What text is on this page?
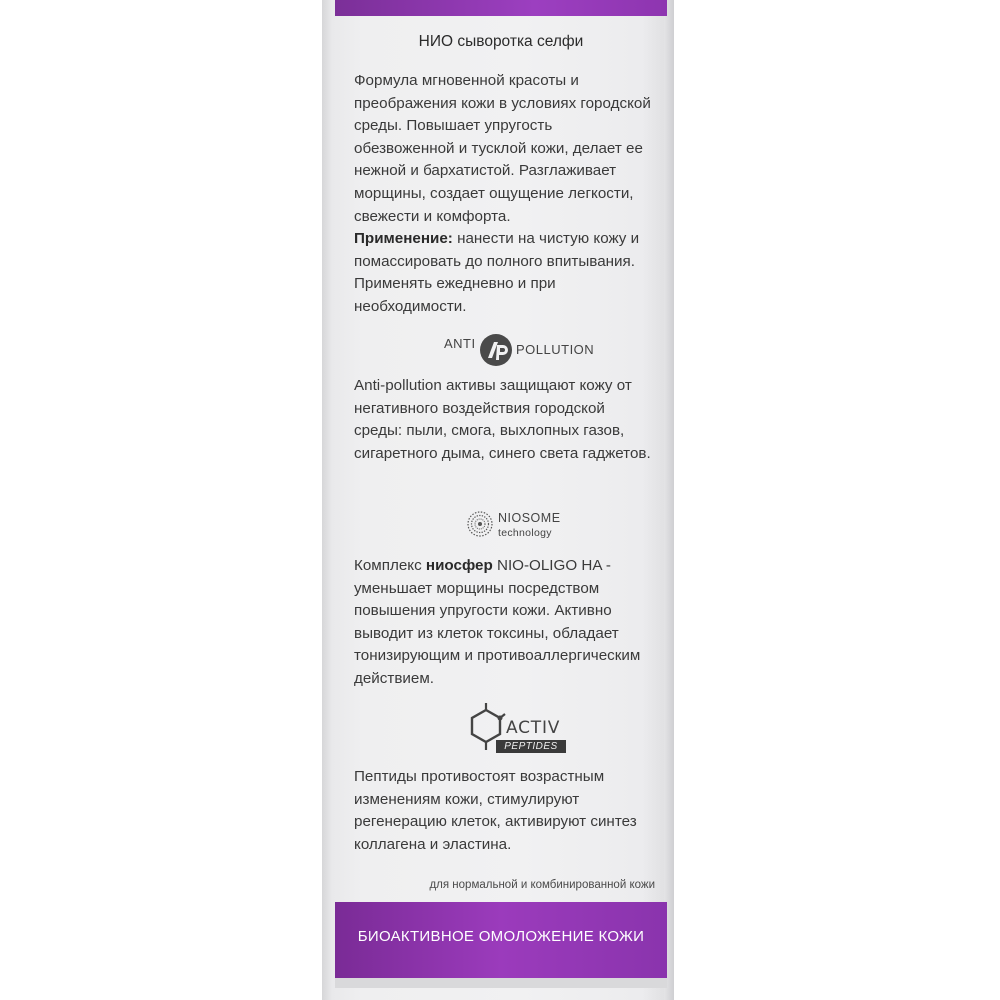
НИО сыворотка селфи

Формула мгновенной красоты и преображения кожи в условиях городской среды. Повышает упругость обезвоженной и тусклой кожи, делает ее нежной и бархатистой. Разглаживает морщины, создает ощущение легкости, свежести и комфорта.
Применение: нанести на чистую кожу и помассировать до полного впитывания. Применять ежедневно и при необходимости.

ANTI	POLLUTION

Anti-pollution активы защищают кожу от негативного воздействия городской среды: пыли, смога, выхлопных газов, сигаретного дыма, синего света гаджетов.

NIOSOME
technology

Комплекс ниосфер NIO-OLIGO HA - уменьшает морщины посредством повышения упругости кожи. Активно выводит из клеток токсины, обладает тонизирующим и противоаллергическим действием.

ACTIV
PEPTIDES

Пептиды противостоят возрастным изменениям кожи, стимулируют регенерацию клеток, активируют синтез коллагена и эластина.

для нормальной и комбинированной кожи
БИОАКТИВНОЕ ОМОЛОЖЕНИЕ КОЖИ
